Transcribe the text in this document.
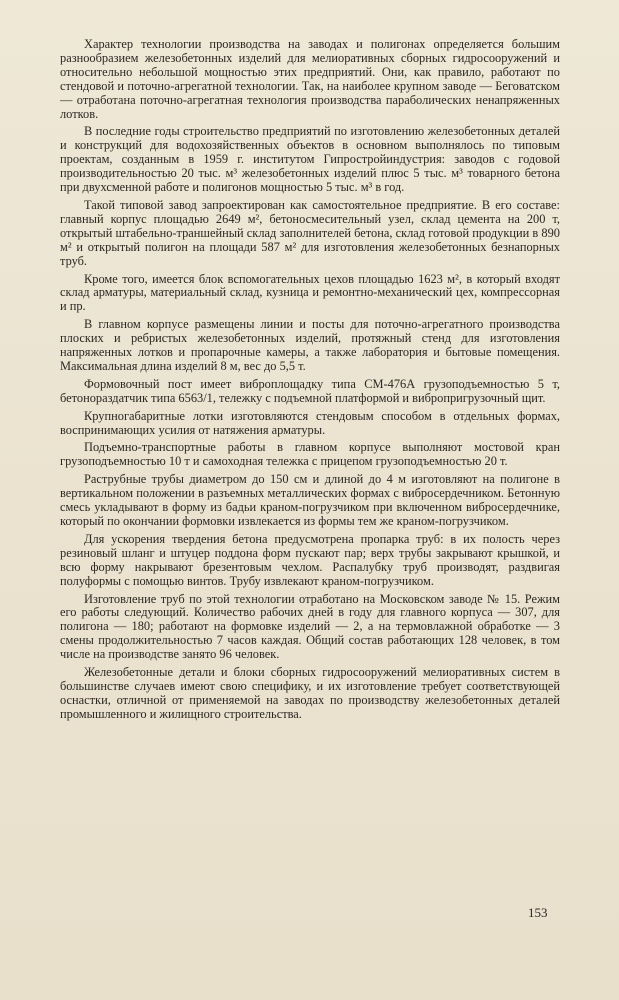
Характер технологии производства на заводах и полигонах определяется большим разнообразием железобетонных изделий для мелиоративных сборных гидросооружений и относительно небольшой мощностью этих предприятий. Они, как правило, работают по стендовой и поточно-агрегатной технологии. Так, на наиболее крупном заводе — Беговатском — отработана поточно-агрегатная технология производства параболических ненапряженных лотков.

В последние годы строительство предприятий по изготовлению железобетонных деталей и конструкций для водохозяйственных объектов в основном выполнялось по типовым проектам, созданным в 1959 г. институтом Гипростройиндустрия: заводов с годовой производительностью 20 тыс. м³ железобетонных изделий плюс 5 тыс. м³ товарного бетона при двухсменной работе и полигонов мощностью 5 тыс. м³ в год.

Такой типовой завод запроектирован как самостоятельное предприятие. В его составе: главный корпус площадью 2649 м², бетоносмесительный узел, склад цемента на 200 т, открытый штабельно-траншейный склад заполнителей бетона, склад готовой продукции в 890 м² и открытый полигон на площади 587 м² для изготовления железобетонных безнапорных труб.

Кроме того, имеется блок вспомогательных цехов площадью 1623 м², в который входят склад арматуры, материальный склад, кузница и ремонтно-механический цех, компрессорная и пр.

В главном корпусе размещены линии и посты для поточно-агрегатного производства плоских и ребристых железобетонных изделий, протяжный стенд для изготовления напряженных лотков и пропарочные камеры, а также лаборатория и бытовые помещения. Максимальная длина изделий 8 м, вес до 5,5 т.

Формовочный пост имеет виброплощадку типа СМ-476А грузоподъемностью 5 т, бетонораздатчик типа 6563/1, тележку с подъемной платформой и вибропригрузочный щит.

Крупногабаритные лотки изготовляются стендовым способом в отдельных формах, воспринимающих усилия от натяжения арматуры.

Подъемно-транспортные работы в главном корпусе выполняют мостовой кран грузоподъемностью 10 т и самоходная тележка с прицепом грузоподъемностью 20 т.

Раструбные трубы диаметром до 150 см и длиной до 4 м изготовляют на полигоне в вертикальном положении в разъемных металлических формах с вибросердечником. Бетонную смесь укладывают в форму из бадьи краном-погрузчиком при включенном вибросердечнике, который по окончании формовки извлекается из формы тем же краном-погрузчиком.

Для ускорения твердения бетона предусмотрена пропарка труб: в их полость через резиновый шланг и штуцер поддона форм пускают пар; верх трубы закрывают крышкой, и всю форму накрывают брезентовым чехлом. Распалубку труб производят, раздвигая полуформы с помощью винтов. Трубу извлекают краном-погрузчиком.

Изготовление труб по этой технологии отработано на Московском заводе № 15. Режим его работы следующий. Количество рабочих дней в году для главного корпуса — 307, для полигона — 180; работают на формовке изделий — 2, а на термовлажной обработке — 3 смены продолжительностью 7 часов каждая. Общий состав работающих 128 человек, в том числе на производстве занято 96 человек.

Железобетонные детали и блоки сборных гидросооружений мелиоративных систем в большинстве случаев имеют свою специфику, и их изготовление требует соответствующей оснастки, отличной от применяемой на заводах по производству железобетонных деталей промышленного и жилищного строительства.

153
